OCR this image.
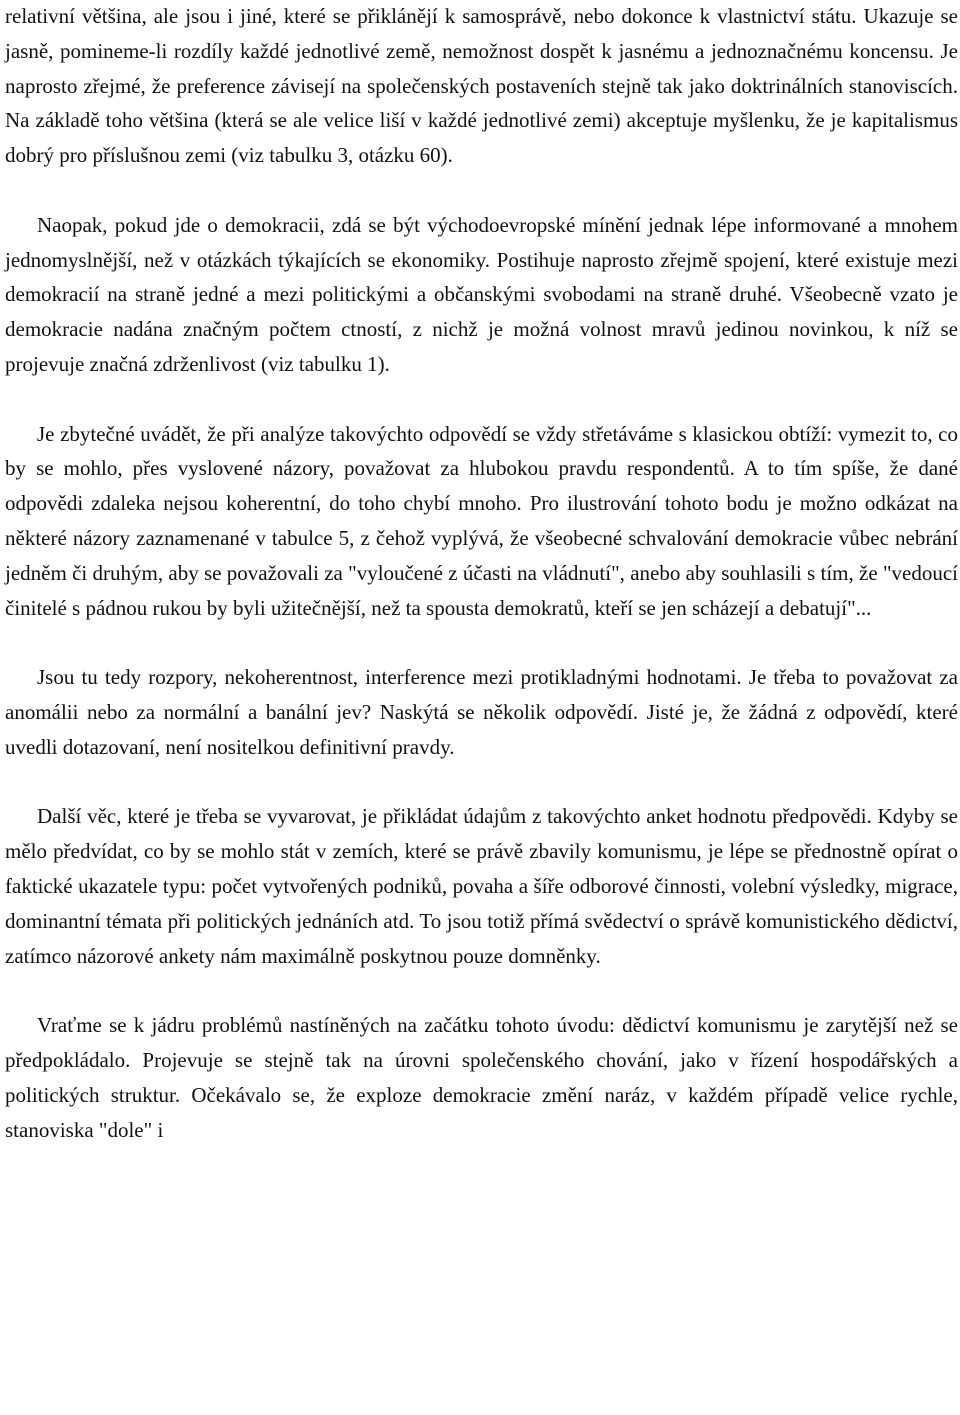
relativní většina, ale jsou i jiné, které se přiklánějí k samosprávě, nebo dokonce k vlastnictví státu. Ukazuje se jasně, pomineme-li rozdíly každé jednotlivé země, nemožnost dospět k jasnému a jednoznačnému koncensu. Je naprosto zřejmé, že preference závisejí na společenských postaveních stejně tak jako doktrinálních stanoviscích. Na základě toho většina (která se ale velice liší v každé jednotlivé zemi) akceptuje myšlenku, že je kapitalismus dobrý pro příslušnou zemi (viz tabulku 3, otázku 60).

Naopak, pokud jde o demokracii, zdá se být východoevropské mínění jednak lépe informované a mnohem jednomyslnější, než v otázkách týkajících se ekonomiky. Postihuje naprosto zřejmě spojení, které existuje mezi demokracií na straně jedné a mezi politickými a občanskými svobodami na straně druhé. Všeobecně vzato je demokracie nadána značným počtem ctností, z nichž je možná volnost mravů jedinou novinkou, k níž se projevuje značná zdrženlivost (viz tabulku 1).

Je zbytečné uvádět, že při analýze takovýchto odpovědí se vždy střetáváme s klasickou obtíží: vymezit to, co by se mohlo, přes vyslovené názory, považovat za hlubokou pravdu respondentů. A to tím spíše, že dané odpovědi zdaleka nejsou koherentní, do toho chybí mnoho. Pro ilustrování tohoto bodu je možno odkázat na některé názory zaznamenané v tabulce 5, z čehož vyplývá, že všeobecné schvalování demokracie vůbec nebrání jedněm či druhým, aby se považovali za "vyloučené z účasti na vládnutí", anebo aby souhlasili s tím, že "vedoucí činitelé s pádnou rukou by byli užitečnější, než ta spousta demokratů, kteří se jen scházejí a debatují"...

Jsou tu tedy rozpory, nekoherentnost, interference mezi protikladnými hodnotami. Je třeba to považovat za anomálii nebo za normální a banální jev? Naskýtá se několik odpovědí. Jisté je, že žádná z odpovědí, které uvedli dotazovaní, není nositelkou definitivní pravdy.

Další věc, které je třeba se vyvarovat, je přikládat údajům z takovýchto anket hodnotu předpovědi. Kdyby se mělo předvídat, co by se mohlo stát v zemích, které se právě zbavily komunismu, je lépe se přednostně opírat o faktické ukazatele typu: počet vytvořených podniků, povaha a šíře odborové činnosti, volební výsledky, migrace, dominantní témata při politických jednáních atd. To jsou totiž přímá svědectví o správě komunistického dědictví, zatímco názorové ankety nám maximálně poskytnou pouze domněnky.

Vraťme se k jádru problémů nastíněných na začátku tohoto úvodu: dědictví komunismu je zarytější než se předpokládalo. Projevuje se stejně tak na úrovni společenského chování, jako v řízení hospodářských a politických struktur. Očekávalo se, že exploze demokracie změní naráz, v každém případě velice rychle, stanoviska "dole" i
